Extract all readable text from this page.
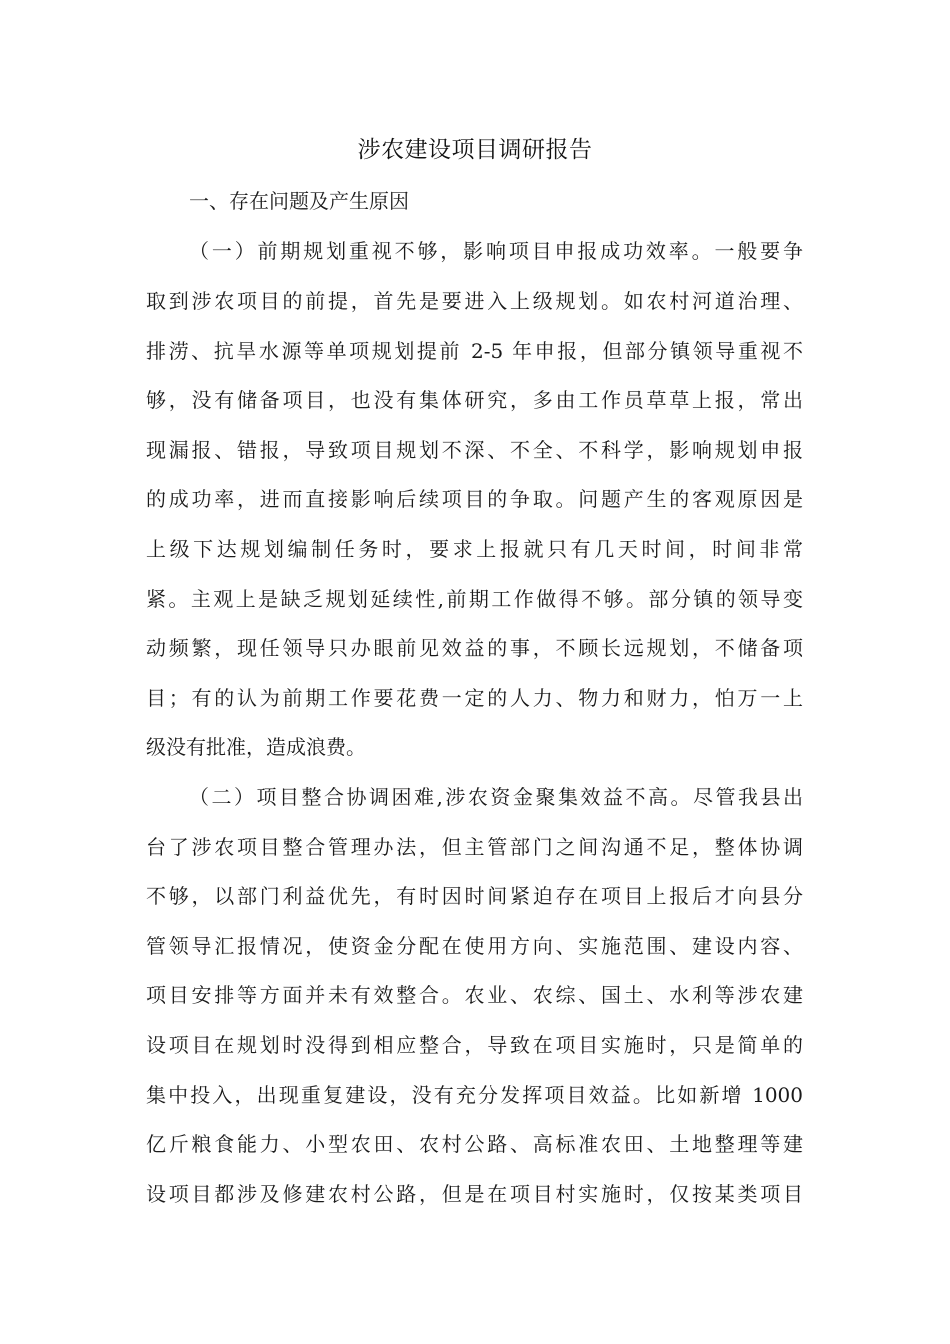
涉农建设项目调研报告
一、存在问题及产生原因
（一）前期规划重视不够，影响项目申报成功效率。一般要争
取到涉农项目的前提，首先是要进入上级规划。如农村河道治理、
排涝、抗旱水源等单项规划提前 2-5 年申报，但部分镇领导重视不
够，没有储备项目，也没有集体研究，多由工作员草草上报，常出
现漏报、错报，导致项目规划不深、不全、不科学，影响规划申报
的成功率，进而直接影响后续项目的争取。问题产生的客观原因是
上级下达规划编制任务时，要求上报就只有几天时间，时间非常
紧。主观上是缺乏规划延续性,前期工作做得不够。部分镇的领导变
动频繁，现任领导只办眼前见效益的事，不顾长远规划，不储备项
目；有的认为前期工作要花费一定的人力、物力和财力，怕万一上
级没有批准，造成浪费。
（二）项目整合协调困难,涉农资金聚集效益不高。尽管我县出
台了涉农项目整合管理办法，但主管部门之间沟通不足，整体协调
不够，以部门利益优先，有时因时间紧迫存在项目上报后才向县分
管领导汇报情况，使资金分配在使用方向、实施范围、建设内容、
项目安排等方面并未有效整合。农业、农综、国土、水利等涉农建
设项目在规划时没得到相应整合，导致在项目实施时，只是简单的
集中投入，出现重复建设，没有充分发挥项目效益。比如新增 1000
亿斤粮食能力、小型农田、农村公路、高标准农田、土地整理等建
设项目都涉及修建农村公路，但是在项目村实施时，仅按某类项目
